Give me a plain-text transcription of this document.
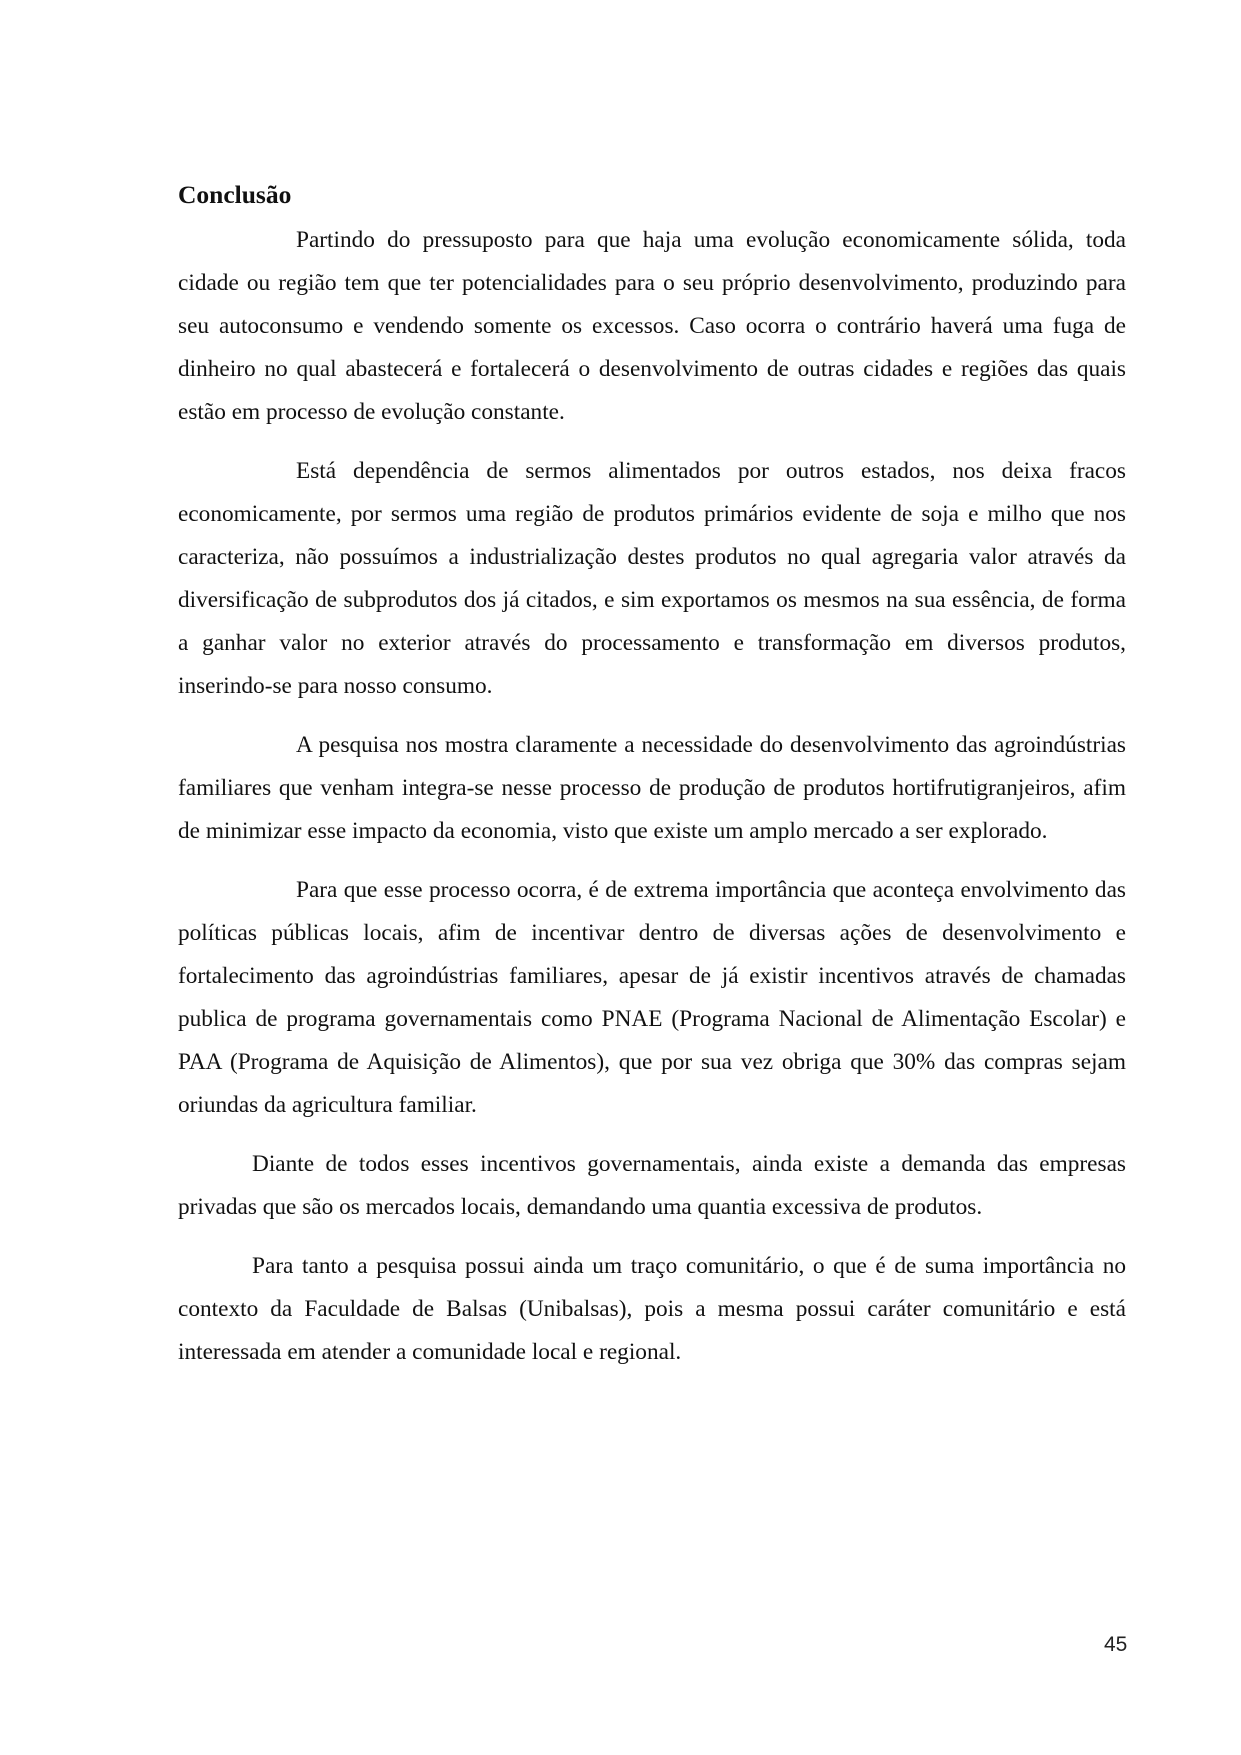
Conclusão

Partindo do pressuposto para que haja uma evolução economicamente sólida, toda cidade ou região tem que ter potencialidades para o seu próprio desenvolvimento, produzindo para seu autoconsumo e vendendo somente os excessos. Caso ocorra o contrário haverá uma fuga de dinheiro no qual abastecerá e fortalecerá o desenvolvimento de outras cidades e regiões das quais estão em processo de evolução constante.

Está dependência de sermos alimentados por outros estados, nos deixa fracos economicamente, por sermos uma região de produtos primários evidente de soja e milho que nos caracteriza, não possuímos a industrialização destes produtos no qual agregaria valor através da diversificação de subprodutos dos já citados, e sim exportamos os mesmos na sua essência, de forma a ganhar valor no exterior através do processamento e transformação em diversos produtos, inserindo-se para nosso consumo.

A pesquisa nos mostra claramente a necessidade do desenvolvimento das agroindústrias familiares que venham integra-se nesse processo de produção de produtos hortifrutigranjeiros, afim de minimizar esse impacto da economia, visto que existe um amplo mercado a ser explorado.

Para que esse processo ocorra, é de extrema importância que aconteça envolvimento das políticas públicas locais, afim de incentivar dentro de diversas ações de desenvolvimento e fortalecimento das agroindústrias familiares, apesar de já existir incentivos através de chamadas publica de programa governamentais como PNAE (Programa Nacional de Alimentação Escolar) e PAA (Programa de Aquisição de Alimentos), que por sua vez obriga que 30% das compras sejam oriundas da agricultura familiar.

Diante de todos esses incentivos governamentais, ainda existe a demanda das empresas privadas que são os mercados locais, demandando uma quantia excessiva de produtos.

Para tanto a pesquisa possui ainda um traço comunitário, o que é de suma importância no contexto da Faculdade de Balsas (Unibalsas), pois a mesma possui caráter comunitário e está interessada em atender a comunidade local e regional.

45
